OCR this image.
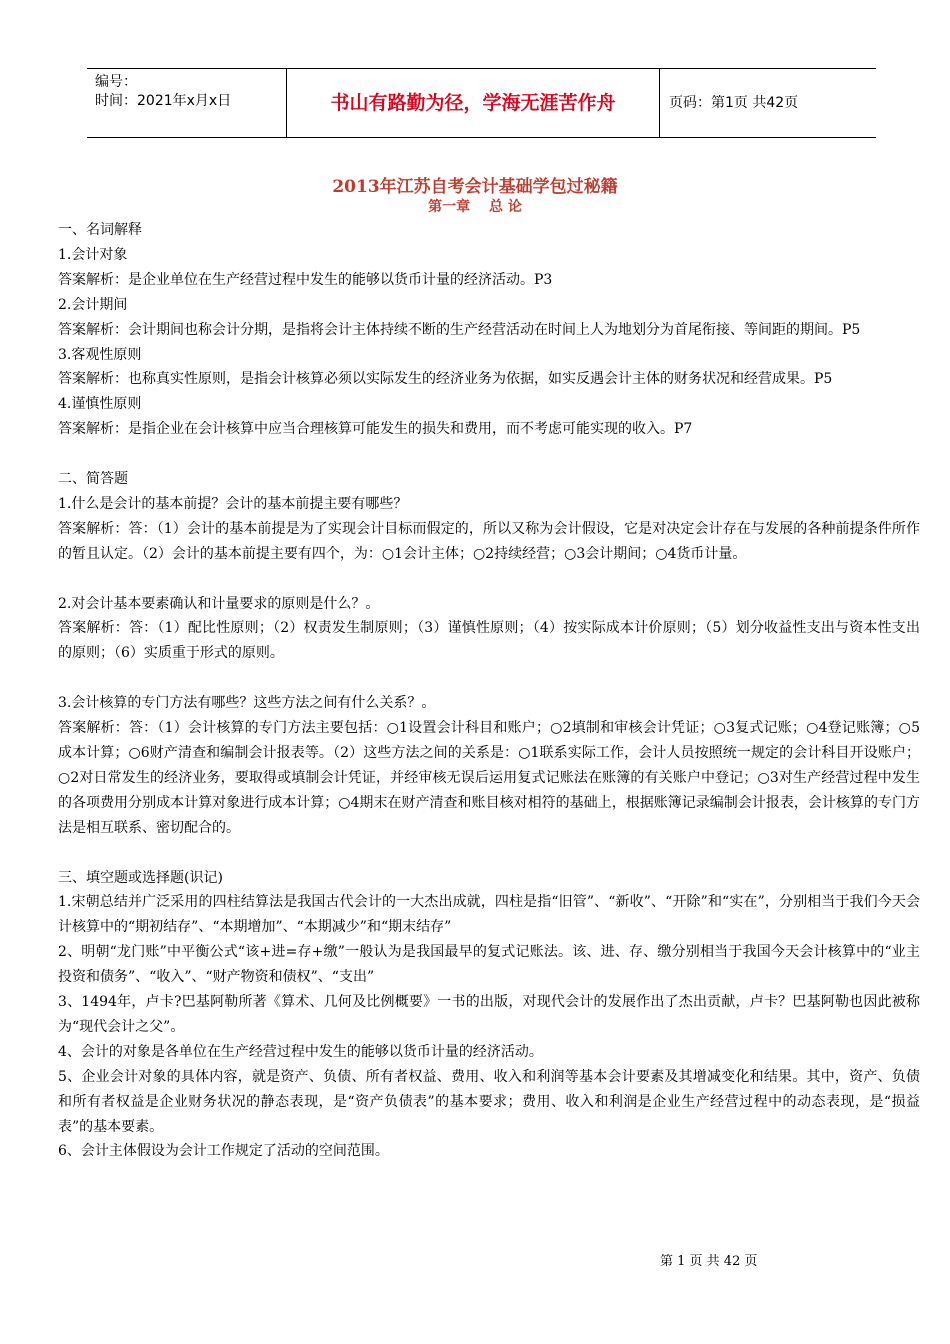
编号：
时间：2021年x月x日	书山有路勤为径，学海无涯苦作舟	页码：第1页 共42页
2013年江苏自考会计基础学包过秘籍
第一章　 总 论

一、名词解释

1.会计对象

答案解析：是企业单位在生产经营过程中发生的能够以货币计量的经济活动。P3

2.会计期间

答案解析：会计期间也称会计分期，是指将会计主体持续不断的生产经营活动在时间上人为地划分为首尾衔接、等间距的期间。P5

3.客观性原则

答案解析：也称真实性原则，是指会计核算必须以实际发生的经济业务为依据，如实反遇会计主体的财务状况和经营成果。P5

4.谨慎性原则

答案解析：是指企业在会计核算中应当合理核算可能发生的损失和费用，而不考虑可能实现的收入。P7

二、简答题

1.什么是会计的基本前提？会计的基本前提主要有哪些？

答案解析：答：（1）会计的基本前提是为了实现会计目标而假定的，所以又称为会计假设，它是对决定会计存在与发展的各种前提条件所作的暂且认定。（2）会计的基本前提主要有四个，为：○1会计主体；○2持续经营；○3会计期间；○4货币计量。

2.对会计基本要素确认和计量要求的原则是什么？。

答案解析：答：（1）配比性原则；（2）权责发生制原则；（3）谨慎性原则；（4）按实际成本计价原则；（5）划分收益性支出与资本性支出的原则；（6）实质重于形式的原则。

3.会计核算的专门方法有哪些？这些方法之间有什么关系？。

答案解析：答：（1）会计核算的专门方法主要包括：○1设置会计科目和账户；○2填制和审核会计凭证；○3复式记账；○4登记账簿；○5成本计算；○6财产清查和编制会计报表等。（2）这些方法之间的关系是：○1联系实际工作，会计人员按照统一规定的会计科目开设账户；○2对日常发生的经济业务，要取得或填制会计凭证，并经审核无误后运用复式记账法在账簿的有关账户中登记；○3对生产经营过程中发生的各项费用分别成本计算对象进行成本计算；○4期末在财产清查和账目核对相符的基础上，根据账簿记录编制会计报表，会计核算的专门方法是相互联系、密切配合的。

三、填空题或选择题(识记)

1.宋朝总结并广泛采用的四柱结算法是我国古代会计的一大杰出成就，四柱是指“旧管”、“新收”、“开除”和“实在”，分别相当于我们今天会计核算中的“期初结存”、“本期增加”、“本期减少”和“期末结存”

2、明朝“龙门账”中平衡公式“该+进=存+缴”一般认为是我国最早的复式记账法。该、进、存、缴分别相当于我国今天会计核算中的“业主投资和债务”、“收入”、“财产物资和债权”、“支出”

3、1494年，卢卡?巴基阿勒所著《算术、几何及比例概要》一书的出版，对现代会计的发展作出了杰出贡献，卢卡？巴基阿勒也因此被称为“现代会计之父”。

4、会计的对象是各单位在生产经营过程中发生的能够以货币计量的经济活动。

5、企业会计对象的具体内容，就是资产、负债、所有者权益、费用、收入和利润等基本会计要素及其增减变化和结果。其中，资产、负债和所有者权益是企业财务状况的静态表现，是“资产负债表”的基本要求；费用、收入和利润是企业生产经营过程中的动态表现，是“损益表”的基本要素。

6、会计主体假设为会计工作规定了活动的空间范围。

第 1 页 共 42 页
